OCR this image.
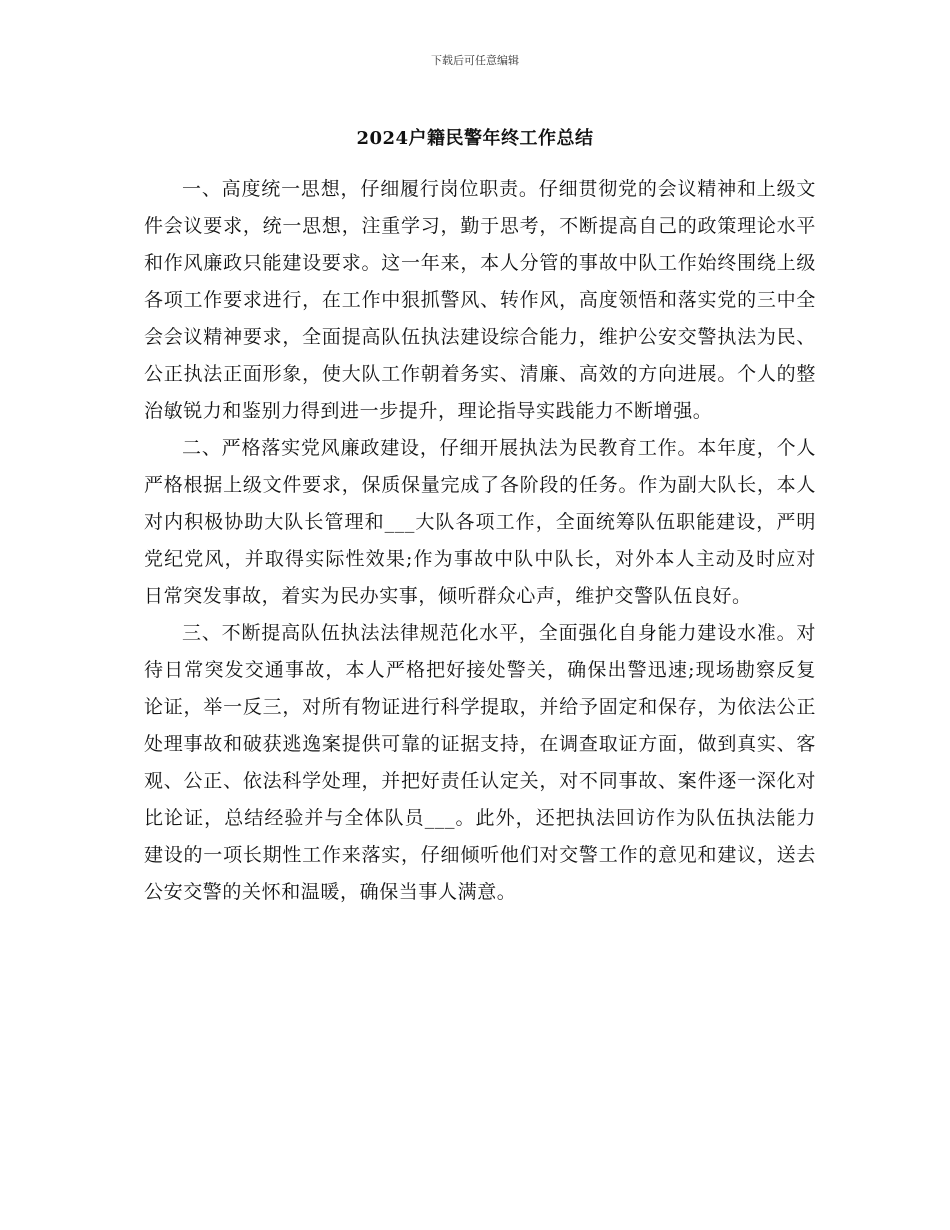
下载后可任意编辑
2024户籍民警年终工作总结

一、高度统一思想，仔细履行岗位职责。仔细贯彻党的会议精神和上级文件会议要求，统一思想，注重学习，勤于思考，不断提高自己的政策理论水平和作风廉政只能建设要求。这一年来，本人分管的事故中队工作始终围绕上级各项工作要求进行，在工作中狠抓警风、转作风，高度领悟和落实党的三中全会会议精神要求，全面提高队伍执法建设综合能力，维护公安交警执法为民、公正执法正面形象，使大队工作朝着务实、清廉、高效的方向进展。个人的整治敏锐力和鉴别力得到进一步提升，理论指导实践能力不断增强。

二、严格落实党风廉政建设，仔细开展执法为民教育工作。本年度，个人严格根据上级文件要求，保质保量完成了各阶段的任务。作为副大队长，本人对内积极协助大队长管理和___大队各项工作，全面统筹队伍职能建设，严明党纪党风，并取得实际性效果;作为事故中队中队长，对外本人主动及时应对日常突发事故，着实为民办实事，倾听群众心声，维护交警队伍良好。

三、不断提高队伍执法法律规范化水平，全面强化自身能力建设水准。对待日常突发交通事故，本人严格把好接处警关，确保出警迅速;现场勘察反复论证，举一反三，对所有物证进行科学提取，并给予固定和保存，为依法公正处理事故和破获逃逸案提供可靠的证据支持，在调查取证方面，做到真实、客观、公正、依法科学处理，并把好责任认定关，对不同事故、案件逐一深化对比论证，总结经验并与全体队员___。此外，还把执法回访作为队伍执法能力建设的一项长期性工作来落实，仔细倾听他们对交警工作的意见和建议，送去公安交警的关怀和温暖，确保当事人满意。
